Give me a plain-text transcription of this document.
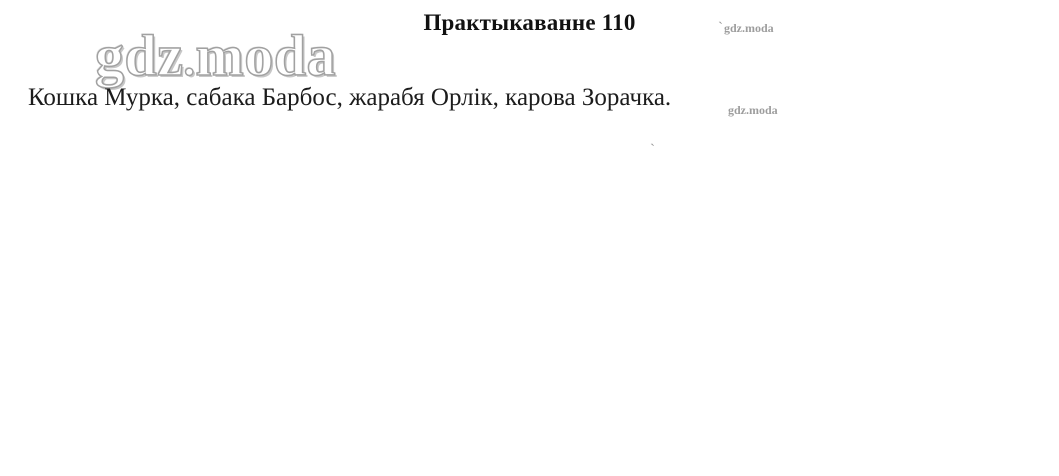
Практыкаванне 110
gdz.moda
Кошка Мурка, сабака Барбос, жарабя Орлік, карова Зорачка.
ˋ gdz.moda
gdz.moda
ˋ
